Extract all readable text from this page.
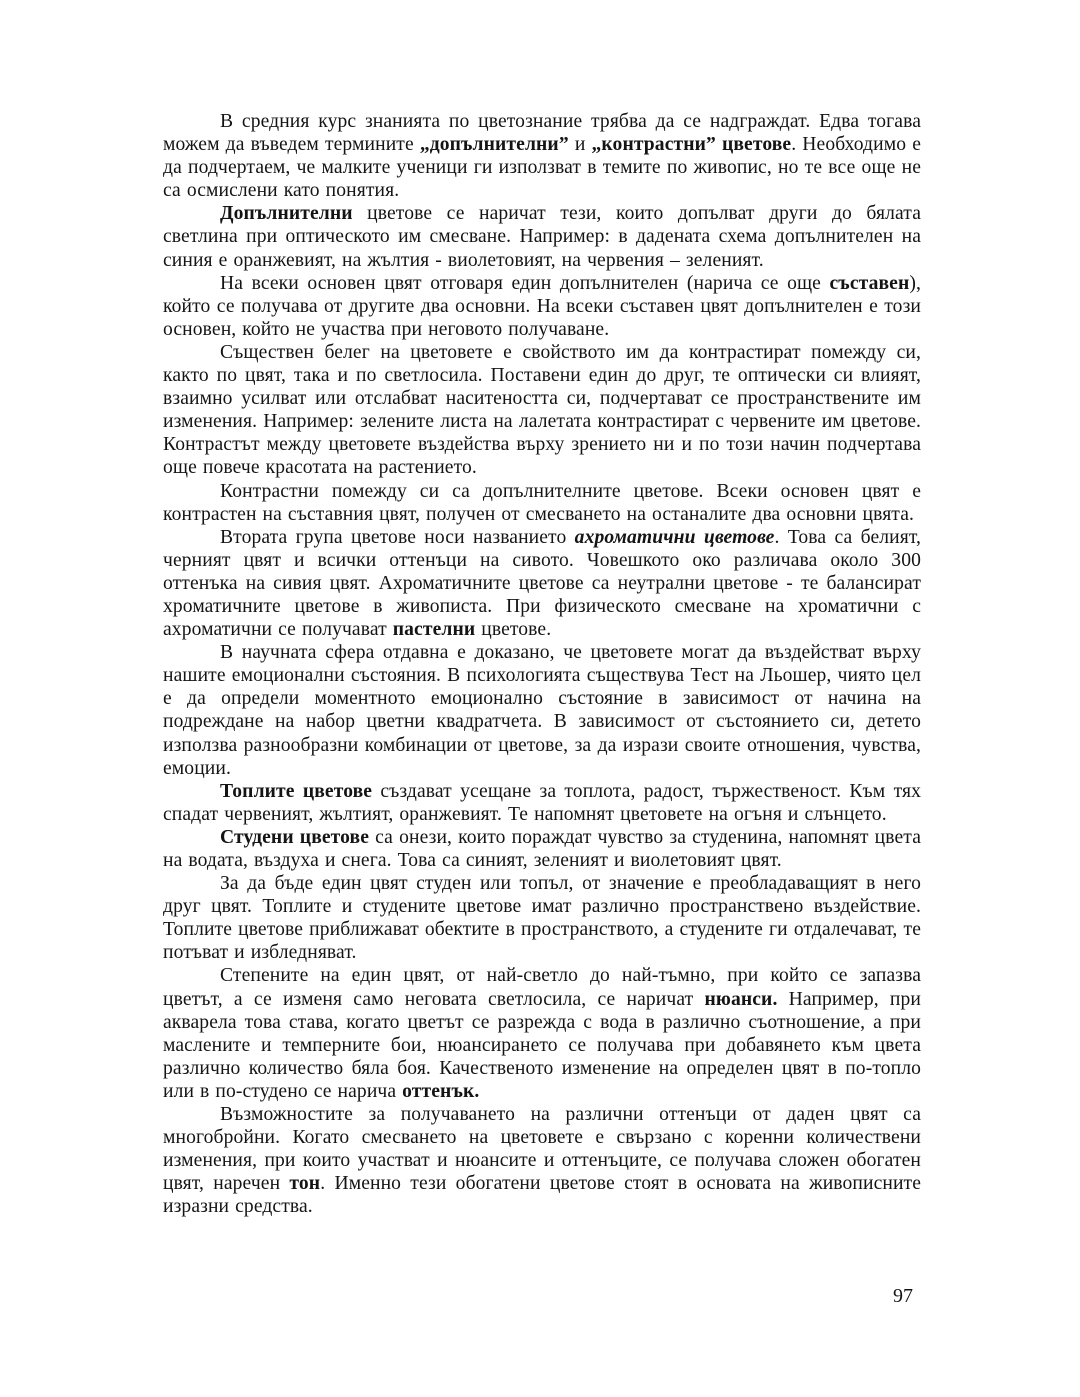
В средния курс знанията по цветознание трябва да се надграждат. Едва тогава можем да въведем термините „допълнителни” и „контрастни” цветове. Необходимо е да подчертаем, че малките ученици ги използват в темите по живопис, но те все още не са осмислени като понятия.

Допълнителни цветове се наричат тези, които допълват други до бялата светлина при оптическото им смесване. Например: в дадената схема допълнителен на синия е оранжевият, на жълтия - виолетовият, на червения – зеленият.

На всеки основен цвят отговаря един допълнителен (нарича се още съставен), който се получава от другите два основни. На всеки съставен цвят допълнителен е този основен, който не участва при неговото получаване.

Съществен белег на цветовете е свойството им да контрастират помежду си, както по цвят, така и по светлосила. Поставени един до друг, те оптически си влияят, взаимно усилват или отслабват наситеността си, подчертават се пространствените им изменения. Например: зелените листа на лалетата контрастират с червените им цветове. Контрастът между цветовете въздейства върху зрението ни и по този начин подчертава още повече красотата на растението.

Контрастни помежду си са допълнителните цветове. Всеки основен цвят е контрастен на съставния цвят, получен от смесването на останалите два основни цвята.

Втората група цветове носи названието ахроматични цветове. Това са белият, черният цвят и всички оттенъци на сивото. Човешкото око различава около 300 оттенъка на сивия цвят. Ахроматичните цветове са неутрални цветове - те балансират хроматичните цветове в живописта. При физическото смесване на хроматични с ахроматични се получават пастелни цветове.

В научната сфера отдавна е доказано, че цветовете могат да въздействат върху нашите емоционални състояния. В психологията съществува Тест на Льошер, чиято цел е да определи моментното емоционално състояние в зависимост от начина на подреждане на набор цветни квадратчета. В зависимост от състоянието си, детето използва разнообразни комбинации от цветове, за да изрази своите отношения, чувства, емоции.

Топлите цветове създават усещане за топлота, радост, тържественост. Към тях спадат червеният, жълтият, оранжевият. Те напомнят цветовете на огъня и слънцето.

Студени цветове са онези, които пораждат чувство за студенина, напомнят цвета на водата, въздуха и снега. Това са синият, зеленият и виолетовият цвят.

За да бъде един цвят студен или топъл, от значение е преобладаващият в него друг цвят. Топлите и студените цветове имат различно пространствено въздействие. Топлите цветове приближават обектите в пространството, а студените ги отдалечават, те потъват и избледняват.

Степените на един цвят, от най-светло до най-тъмно, при който се запазва цветът, а се изменя само неговата светлосила, се наричат нюанси. Например, при акварела това става, когато цветът се разрежда с вода в различно съотношение, а при маслените и темперните бои, нюансирането се получава при добавянето към цвета различно количество бяла боя. Качественото изменение на определен цвят в по-топло или в по-студено се нарича оттенък.

Възможностите за получаването на различни оттенъци от даден цвят са многобройни. Когато смесването на цветовете е свързано с коренни количествени изменения, при които участват и нюансите и оттенъците, се получава сложен обогатен цвят, наречен тон. Именно тези обогатени цветове стоят в основата на живописните изразни средства.

97
